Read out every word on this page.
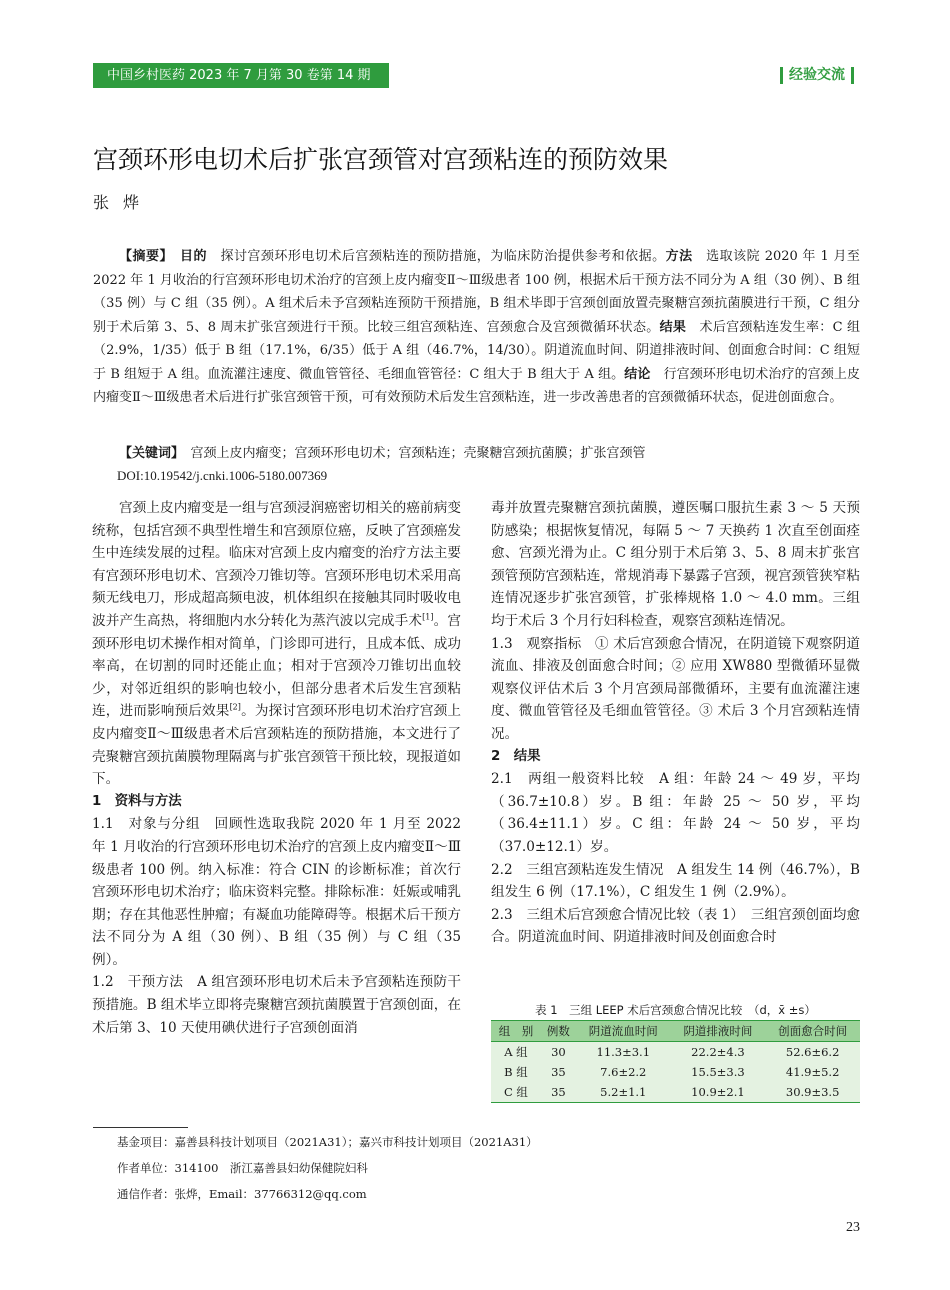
中国乡村医药 2023 年 7 月第 30 卷第 14 期	经验交流
宫颈环形电切术后扩张宫颈管对宫颈粘连的预防效果
张烨
【摘要】　 目的　 探讨宫颈环形电切术后宫颈粘连的预防措施，为临床防治提供参考和依据。方法　 选取该院 2020 年 1 月至 2022 年 1 月收治的行宫颈环形电切术治疗的宫颈上皮内瘤变Ⅱ～Ⅲ级患者 100 例，根据术后干预方法不同分为 A 组（30 例）、B 组（35 例）与 C 组（35 例）。A 组术后未予宫颈粘连预防干预措施，B 组术毕即于宫颈创面放置壳聚糖宫颈抗菌膜进行干预，C 组分别于术后第 3、5、8 周末扩张宫颈进行干预。比较三组宫颈粘连、宫颈愈合及宫颈微循环状态。结果　 术后宫颈粘连发生率：C 组（2.9%，1/35）低于 B 组（17.1%，6/35）低于 A 组（46.7%，14/30）。阴道流血时间、阴道排液时间、创面愈合时间：C 组短于 B 组短于 A 组。血流灌注速度、微血管管径、毛细血管管径：C 组大于 B 组大于 A 组。结论　 行宫颈环形电切术治疗的宫颈上皮内瘤变Ⅱ～Ⅲ级患者术后进行扩张宫颈管干预，可有效预防术后发生宫颈粘连，进一步改善患者的宫颈微循环状态，促进创面愈合。
【关键词】　 宫颈上皮内瘤变；宫颈环形电切术；宫颈粘连；壳聚糖宫颈抗菌膜；扩张宫颈管
DOI:10.19542/j.cnki.1006-5180.007369

宫颈上皮内瘤变是一组与宫颈浸润癌密切相关的癌前病变统称，包括宫颈不典型性增生和宫颈原位癌，反映了宫颈癌发生中连续发展的过程。临床对宫颈上皮内瘤变的治疗方法主要有宫颈环形电切术、宫颈冷刀锥切等。宫颈环形电切术采用高频无线电刀，形成超高频电波，机体组织在接触其同时吸收电波并产生高热，将细胞内水分转化为蒸汽波以完成手术[1]。宫颈环形电切术操作相对简单，门诊即可进行，且成本低、成功率高，在切割的同时还能止血；相对于宫颈冷刀锥切出血较少，对邻近组织的影响也较小，但部分患者术后发生宫颈粘连，进而影响预后效果[2]。为探讨宫颈环形电切术治疗宫颈上皮内瘤变Ⅱ～Ⅲ级患者术后宫颈粘连的预防措施，本文进行了壳聚糖宫颈抗菌膜物理隔离与扩张宫颈管干预比较，现报道如下。

1　资料与方法

1.1　对象与分组　回顾性选取我院 2020 年 1 月至 2022 年 1 月收治的行宫颈环形电切术治疗的宫颈上皮内瘤变Ⅱ～Ⅲ级患者 100 例。纳入标准：符合 CIN 的诊断标准；首次行宫颈环形电切术治疗；临床资料完整。排除标准：妊娠或哺乳期；存在其他恶性肿瘤；有凝血功能障碍等。根据术后干预方法不同分为 A 组（30 例）、B 组（35 例）与 C 组（35 例）。

1.2　干预方法　A 组宫颈环形电切术后未予宫颈粘连预防干预措施。B 组术毕立即将壳聚糖宫颈抗菌膜置于宫颈创面，在术后第 3、10 天使用碘伏进行子宫颈创面消

毒并放置壳聚糖宫颈抗菌膜，遵医嘱口服抗生素 3 ～ 5 天预防感染；根据恢复情况，每隔 5 ～ 7 天换药 1 次直至创面痊愈、宫颈光滑为止。C 组分别于术后第 3、5、8 周末扩张宫颈管预防宫颈粘连，常规消毒下暴露子宫颈，视宫颈管狭窄粘连情况逐步扩张宫颈管，扩张棒规格 1.0 ～ 4.0 mm。三组均于术后 3 个月行妇科检查，观察宫颈粘连情况。

1.3　观察指标　① 术后宫颈愈合情况，在阴道镜下观察阴道流血、排液及创面愈合时间；② 应用 XW880 型微循环显微观察仪评估术后 3 个月宫颈局部微循环，主要有血流灌注速度、微血管管径及毛细血管管径。③ 术后 3 个月宫颈粘连情况。

2　结果

2.1　两组一般资料比较　A 组：年龄 24 ～ 49 岁，平均（36.7±10.8）岁。B 组：年龄 25 ～ 50 岁，平均（36.4±11.1）岁。C 组：年龄 24 ～ 50 岁，平均（37.0±12.1）岁。

2.2　三组宫颈粘连发生情况　A 组发生 14 例（46.7%），B 组发生 6 例（17.1%），C 组发生 1 例（2.9%）。

2.3　三组术后宫颈愈合情况比较（表 1）　三组宫颈创面均愈合。阴道流血时间、阴道排液时间及创面愈合时

表 1　三组 LEEP 术后宫颈愈合情况比较　（d，x̄ ±s）
组　别	例数	阴道流血时间	阴道排液时间	创面愈合时间
A 组	30	11.3±3.1	22.2±4.3	52.6±6.2
B 组	35	7.6±2.2	15.5±3.3	41.9±5.2
C 组	35	5.2±1.1	10.9±2.1	30.9±3.5
基金项目：嘉善县科技计划项目（2021A31）；嘉兴市科技计划项目（2021A31）
作者单位：314100　浙江嘉善县妇幼保健院妇科
通信作者：张烨，Email：37766312@qq.com
23
